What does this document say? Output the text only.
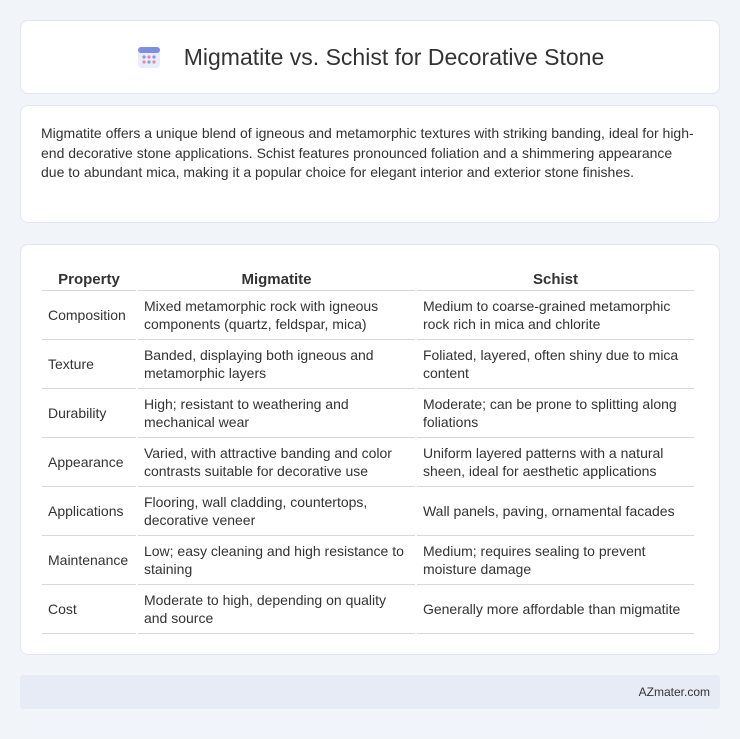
Migmatite vs. Schist for Decorative Stone

Migmatite offers a unique blend of igneous and metamorphic textures with striking banding, ideal for high-end decorative stone applications. Schist features pronounced foliation and a shimmering appearance due to abundant mica, making it a popular choice for elegant interior and exterior stone finishes.

Property	Migmatite	Schist
Composition	Mixed metamorphic rock with igneous components (quartz, feldspar, mica)	Medium to coarse-grained metamorphic rock rich in mica and chlorite
Texture	Banded, displaying both igneous and metamorphic layers	Foliated, layered, often shiny due to mica content
Durability	High; resistant to weathering and mechanical wear	Moderate; can be prone to splitting along foliations
Appearance	Varied, with attractive banding and color contrasts suitable for decorative use	Uniform layered patterns with a natural sheen, ideal for aesthetic applications
Applications	Flooring, wall cladding, countertops, decorative veneer	Wall panels, paving, ornamental facades
Maintenance	Low; easy cleaning and high resistance to staining	Medium; requires sealing to prevent moisture damage
Cost	Moderate to high, depending on quality and source	Generally more affordable than migmatite
AZmater.com
